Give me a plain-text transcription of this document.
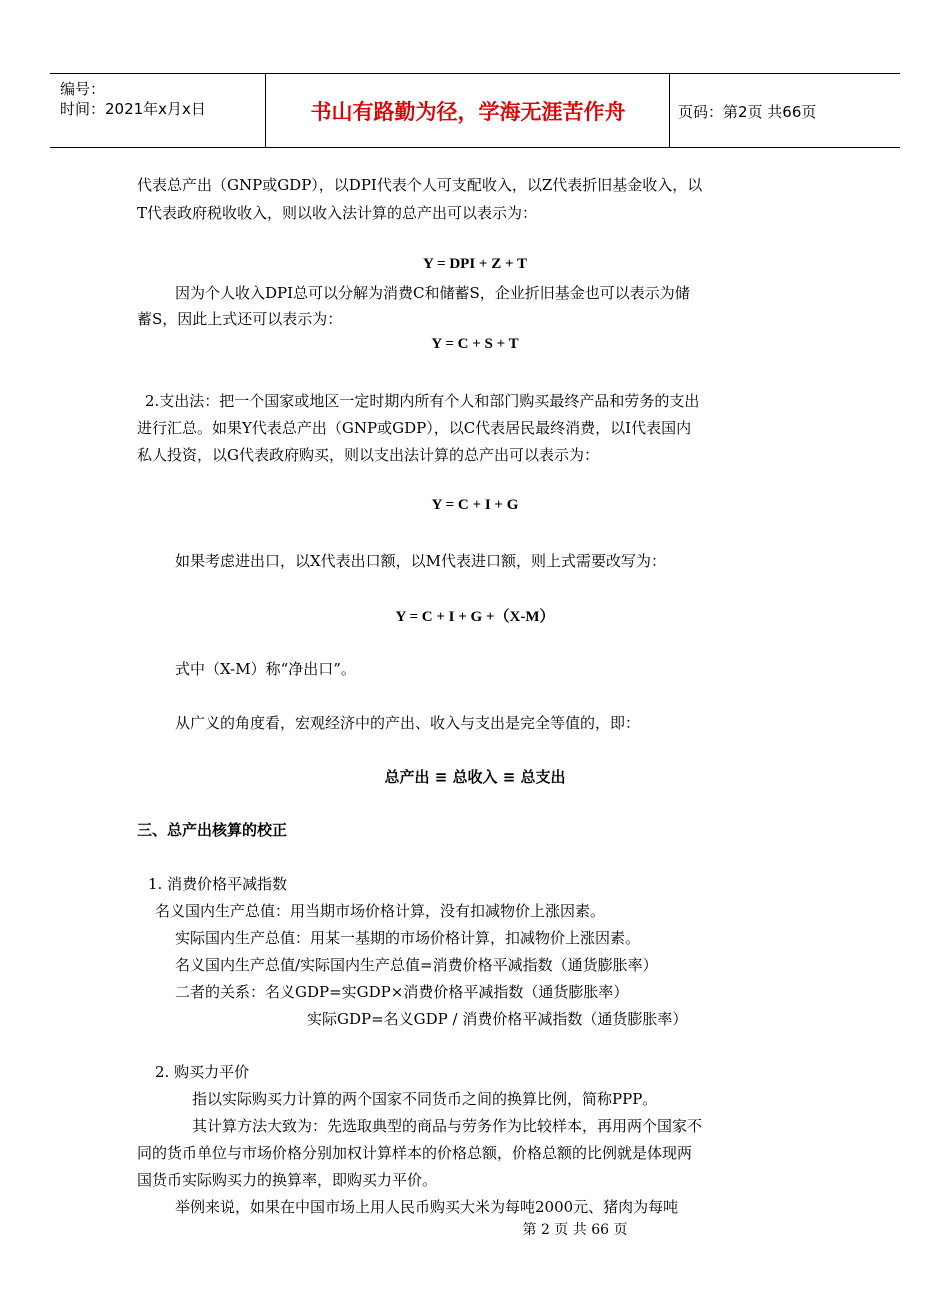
编号：
时间：2021年x月x日	书山有路勤为径，学海无涯苦作舟	页码：第2页 共66页
代表总产出（GNP或GDP），以DPI代表个人可支配收入，以Z代表折旧基金收入，以
T代表政府税收收入，则以收入法计算的总产出可以表示为：
Y = DPI + Z + T
因为个人收入DPI总可以分解为消费C和储蓄S，企业折旧基金也可以表示为储
蓄S，因此上式还可以表示为：
Y = C + S + T
2.支出法：把一个国家或地区一定时期内所有个人和部门购买最终产品和劳务的支出
进行汇总。如果Y代表总产出（GNP或GDP），以C代表居民最终消费，以I代表国内
私人投资，以G代表政府购买，则以支出法计算的总产出可以表示为：
Y = C + I + G
如果考虑进出口，以X代表出口额，以M代表进口额，则上式需要改写为：
Y = C + I + G +（X-M）
式中（X-M）称“净出口”。
从广义的角度看，宏观经济中的产出、收入与支出是完全等值的，即：
总产出 ≡ 总收入 ≡ 总支出
三、总产出核算的校正
1. 消费价格平减指数
名义国内生产总值：用当期市场价格计算，没有扣减物价上涨因素。
实际国内生产总值：用某一基期的市场价格计算，扣减物价上涨因素。
名义国内生产总值/实际国内生产总值=消费价格平减指数（通货膨胀率）
二者的关系：名义GDP=实GDP×消费价格平减指数（通货膨胀率）
实际GDP=名义GDP / 消费价格平减指数（通货膨胀率）
2. 购买力平价
指以实际购买力计算的两个国家不同货币之间的换算比例，简称PPP。
其计算方法大致为：先选取典型的商品与劳务作为比较样本，再用两个国家不
同的货币单位与市场价格分别加权计算样本的价格总额，价格总额的比例就是体现两
国货币实际购买力的换算率，即购买力平价。
举例来说，如果在中国市场上用人民币购买大米为每吨2000元、猪肉为每吨
第 2 页 共 66 页
